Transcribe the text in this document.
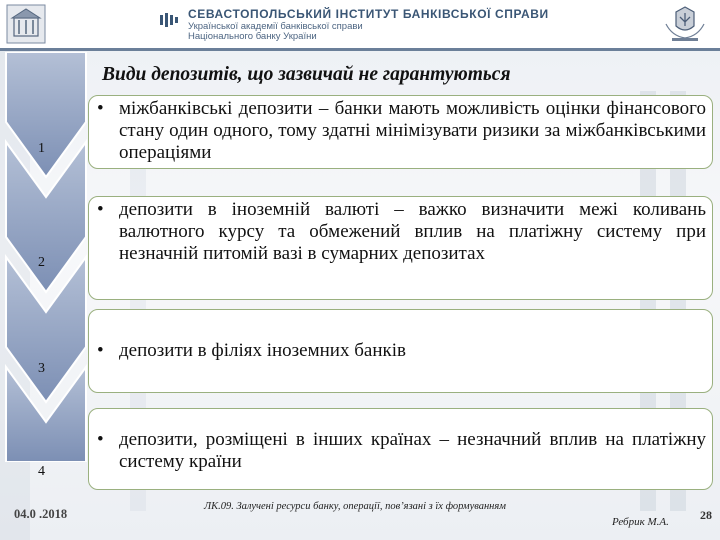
СЕВАСТОПОЛЬСЬКИЙ ІНСТИТУТ БАНКІВСЬКОЇ СПРАВИ
Української академії банківської справи
Національного банку України
Види депозитів, що зазвичай не гарантуються
1
2
3
4
• міжбанківські депозити – банки мають можливість оцінки фінансового стану один одного, тому здатні мінімізувати ризики за міжбанківськими операціями
• депозити в іноземній валюті – важко визначити межі коливань валютного курсу та обмежений вплив на платіжну систему при незначній питомій вазі в сумарних депозитах
• депозити в філіях іноземних банків
• депозити, розміщені в інших країнах – незначний вплив на платіжну систему країни
04.0 .2018
ЛК.09. Залучені ресурси банку, операції, пов’язані з їх формуванням
Ребрик М.А.	28
